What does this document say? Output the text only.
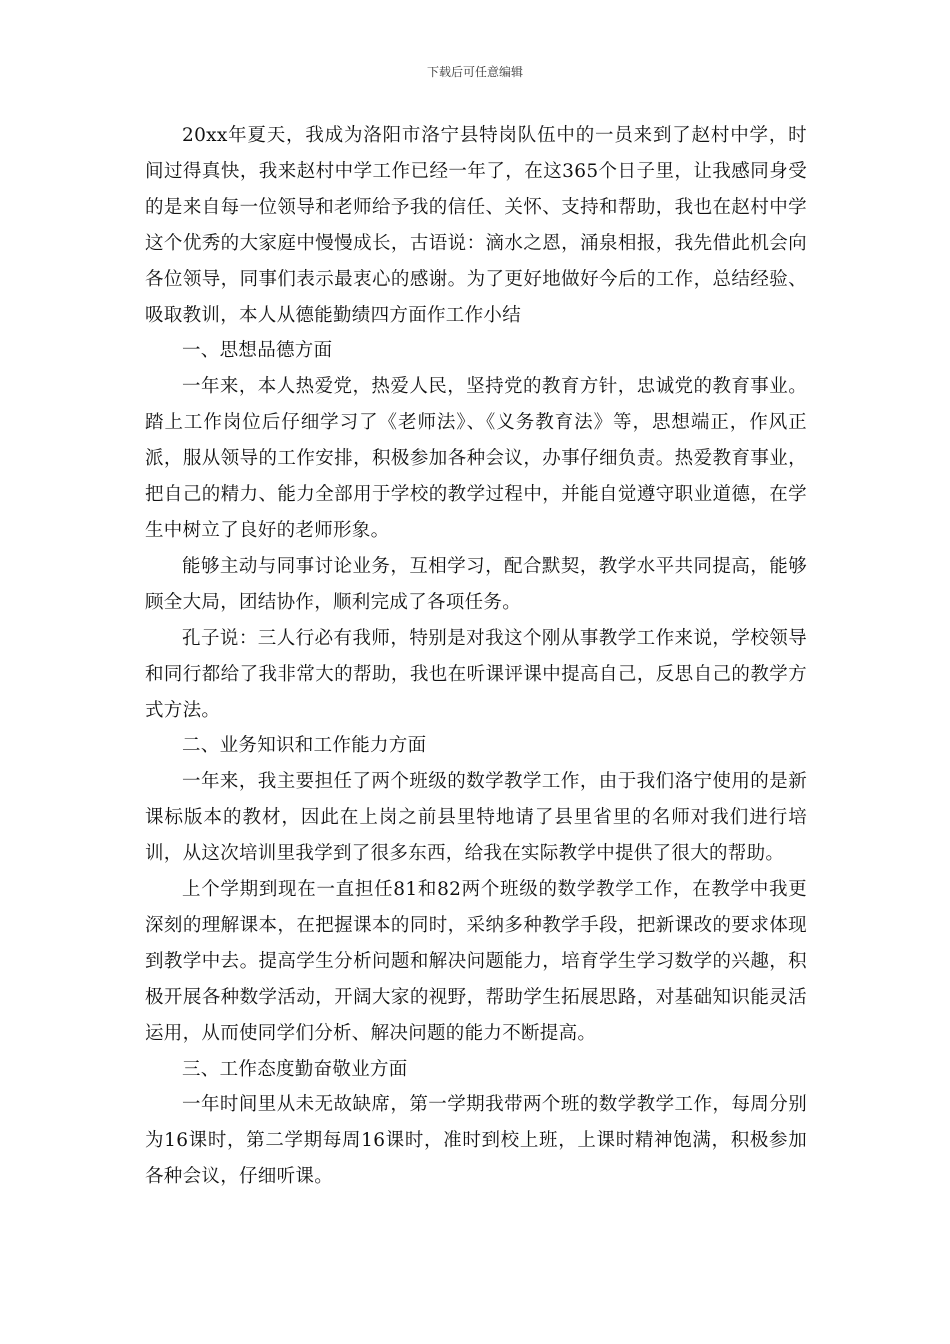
下载后可任意编辑

20xx年夏天，我成为洛阳市洛宁县特岗队伍中的一员来到了赵村中学，时间过得真快，我来赵村中学工作已经一年了，在这365个日子里，让我感同身受的是来自每一位领导和老师给予我的信任、关怀、支持和帮助，我也在赵村中学这个优秀的大家庭中慢慢成长，古语说：滴水之恩，涌泉相报，我先借此机会向各位领导，同事们表示最衷心的感谢。为了更好地做好今后的工作，总结经验、吸取教训，本人从德能勤绩四方面作工作小结

一、思想品德方面

一年来，本人热爱党，热爱人民，坚持党的教育方针，忠诚党的教育事业。踏上工作岗位后仔细学习了《老师法》、《义务教育法》等，思想端正，作风正派，服从领导的工作安排，积极参加各种会议，办事仔细负责。热爱教育事业，把自己的精力、能力全部用于学校的教学过程中，并能自觉遵守职业道德，在学生中树立了良好的老师形象。

能够主动与同事讨论业务，互相学习，配合默契，教学水平共同提高，能够顾全大局，团结协作，顺利完成了各项任务。

孔子说：三人行必有我师，特别是对我这个刚从事教学工作来说，学校领导和同行都给了我非常大的帮助，我也在听课评课中提高自己，反思自己的教学方式方法。

二、业务知识和工作能力方面

一年来，我主要担任了两个班级的数学教学工作，由于我们洛宁使用的是新课标版本的教材，因此在上岗之前县里特地请了县里省里的名师对我们进行培训，从这次培训里我学到了很多东西，给我在实际教学中提供了很大的帮助。

上个学期到现在一直担任81和82两个班级的数学教学工作，在教学中我更深刻的理解课本，在把握课本的同时，采纳多种教学手段，把新课改的要求体现到教学中去。提高学生分析问题和解决问题能力，培育学生学习数学的兴趣，积极开展各种数学活动，开阔大家的视野，帮助学生拓展思路，对基础知识能灵活运用，从而使同学们分析、解决问题的能力不断提高。

三、工作态度勤奋敬业方面

一年时间里从未无故缺席，第一学期我带两个班的数学教学工作，每周分别为16课时，第二学期每周16课时，准时到校上班，上课时精神饱满，积极参加各种会议，仔细听课。
